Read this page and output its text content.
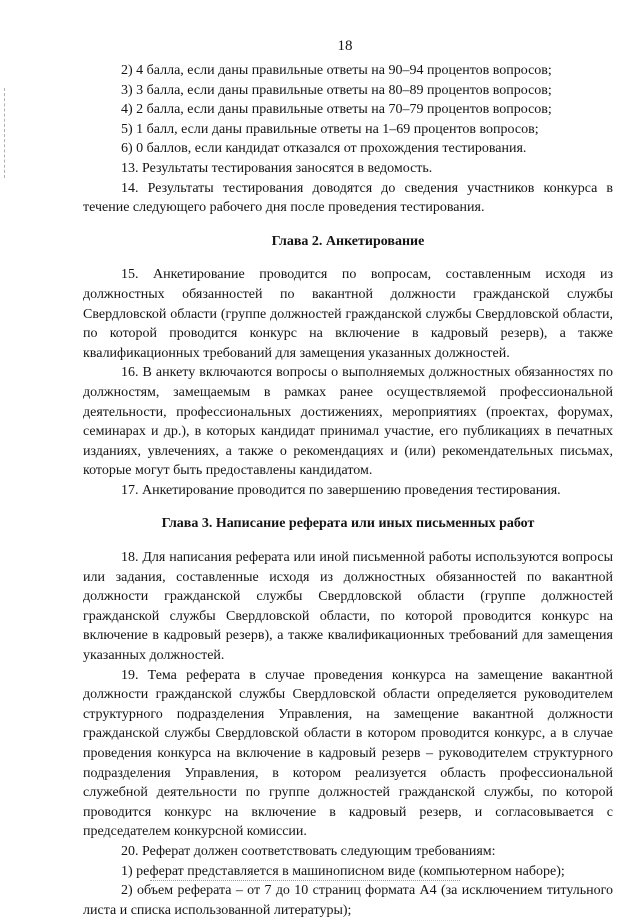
18

2) 4 балла, если даны правильные ответы на 90–94 процентов вопросов;

3) 3 балла, если даны правильные ответы на 80–89 процентов вопросов;

4) 2 балла, если даны правильные ответы на 70–79 процентов вопросов;

5) 1 балл, если даны правильные ответы на 1–69 процентов вопросов;

6) 0 баллов, если кандидат отказался от прохождения тестирования.

13. Результаты тестирования заносятся в ведомость.

14. Результаты тестирования доводятся до сведения участников конкурса в течение следующего рабочего дня после проведения тестирования.

Глава 2. Анкетирование

15. Анкетирование проводится по вопросам, составленным исходя из должностных обязанностей по вакантной должности гражданской службы Свердловской области (группе должностей гражданской службы Свердловской области, по которой проводится конкурс на включение в кадровый резерв), а также квалификационных требований для замещения указанных должностей.

16. В анкету включаются вопросы о выполняемых должностных обязанностях по должностям, замещаемым в рамках ранее осуществляемой профессиональной деятельности, профессиональных достижениях, мероприятиях (проектах, форумах, семинарах и др.), в которых кандидат принимал участие, его публикациях в печатных изданиях, увлечениях, а также о рекомендациях и (или) рекомендательных письмах, которые могут быть предоставлены кандидатом.

17. Анкетирование проводится по завершению проведения тестирования.

Глава 3. Написание реферата или иных письменных работ

18. Для написания реферата или иной письменной работы используются вопросы или задания, составленные исходя из должностных обязанностей по вакантной должности гражданской службы Свердловской области (группе должностей гражданской службы Свердловской области, по которой проводится конкурс на включение в кадровый резерв), а также квалификационных требований для замещения указанных должностей.

19. Тема реферата в случае проведения конкурса на замещение вакантной должности гражданской службы Свердловской области определяется руководителем структурного подразделения Управления, на замещение вакантной должности гражданской службы Свердловской области в котором проводится конкурс, а в случае проведения конкурса на включение в кадровый резерв – руководителем структурного подразделения Управления, в котором реализуется область профессиональной служебной деятельности по группе должностей гражданской службы, по которой проводится конкурс на включение в кадровый резерв, и согласовывается с председателем конкурсной комиссии.

20. Реферат должен соответствовать следующим требованиям:

1) реферат представляется в машинописном виде (компьютерном наборе);

2) объем реферата – от 7 до 10 страниц формата А4 (за исключением титульного листа и списка использованной литературы);
